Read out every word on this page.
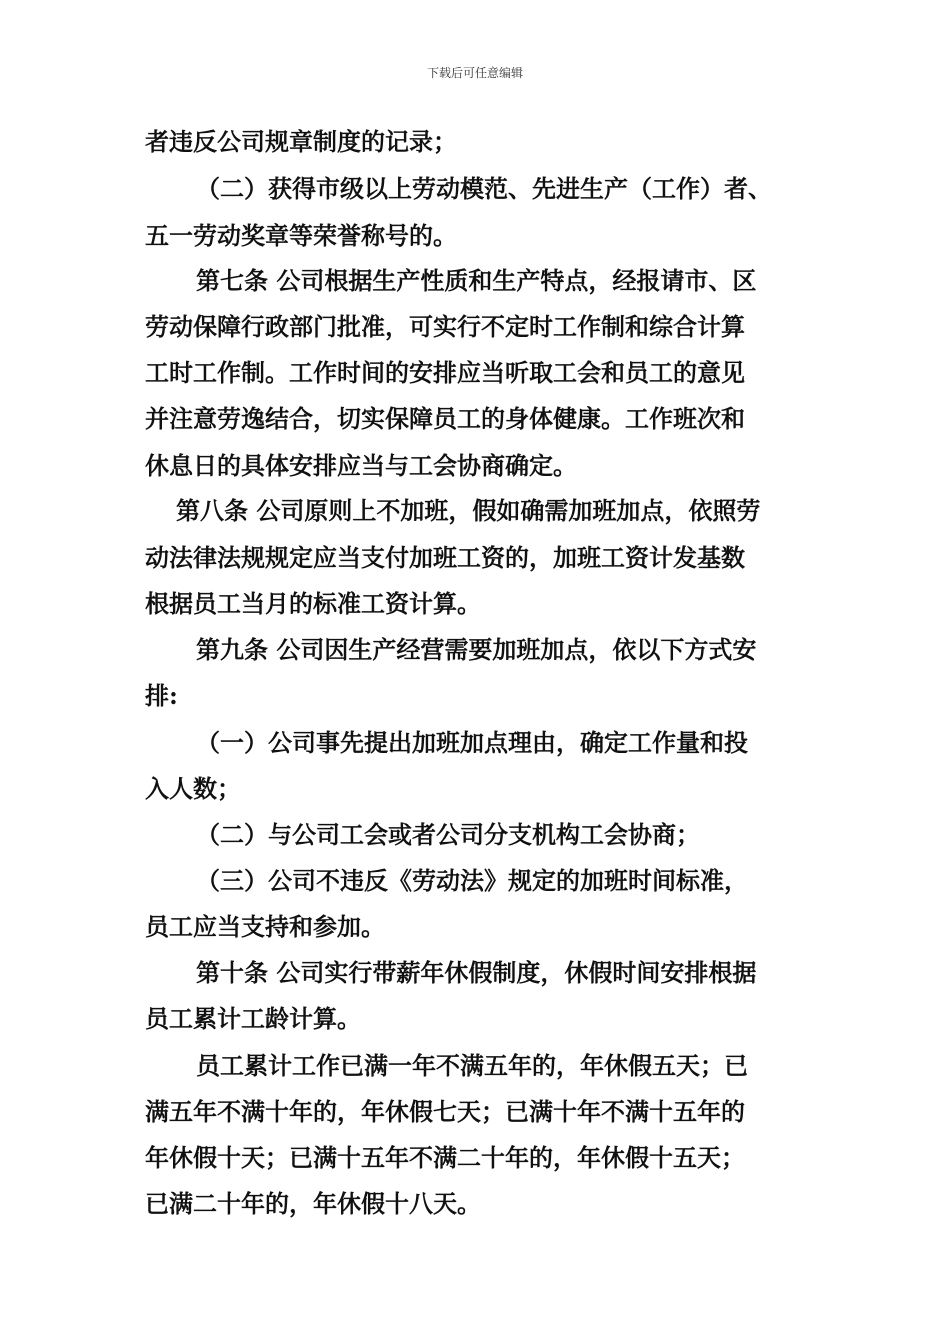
下载后可任意编辑
者违反公司规章制度的记录；
（二）获得市级以上劳动模范、先进生产（工作）者、
五一劳动奖章等荣誉称号的。
第七条 公司根据生产性质和生产特点，经报请市、区
劳动保障行政部门批准，可实行不定时工作制和综合计算
工时工作制。工作时间的安排应当听取工会和员工的意见
并注意劳逸结合，切实保障员工的身体健康。工作班次和
休息日的具体安排应当与工会协商确定。
第八条 公司原则上不加班，假如确需加班加点，依照劳
动法律法规规定应当支付加班工资的，加班工资计发基数
根据员工当月的标准工资计算。
第九条 公司因生产经营需要加班加点，依以下方式安
排:
（一）公司事先提出加班加点理由，确定工作量和投
入人数；
（二）与公司工会或者公司分支机构工会协商；
（三）公司不违反《劳动法》规定的加班时间标准，
员工应当支持和参加。
第十条 公司实行带薪年休假制度，休假时间安排根据
员工累计工龄计算。
员工累计工作已满一年不满五年的，年休假五天；已
满五年不满十年的，年休假七天；已满十年不满十五年的
年休假十天；已满十五年不满二十年的，年休假十五天；
已满二十年的，年休假十八天。
